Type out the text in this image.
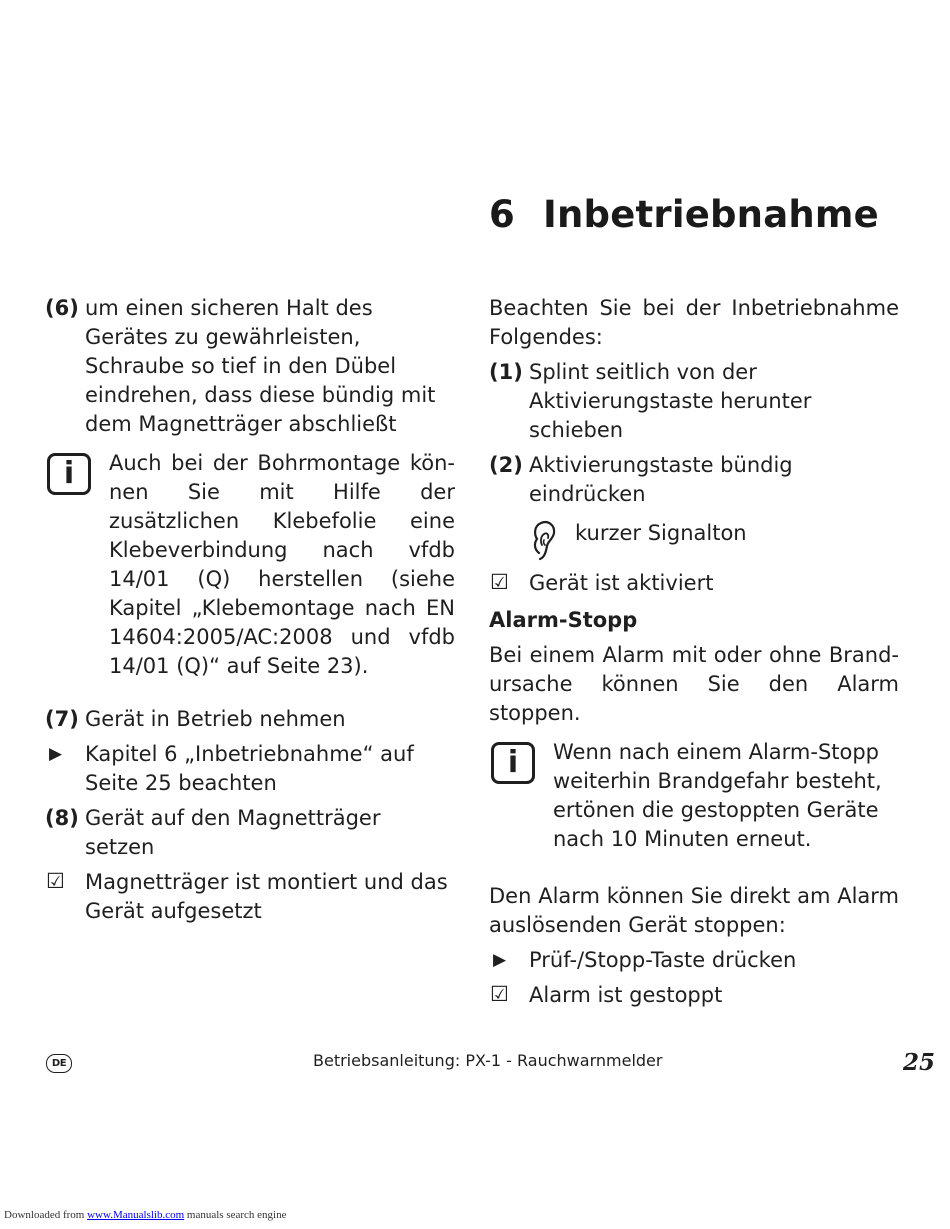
6 Inbetriebnahme
(6) um einen sicheren Halt des Gerätes zu gewährleisten, Schraube so tief in den Dübel eindrehen, dass diese bündig mit dem Magnetträger abschließt
i	Auch bei der Bohrmontage können Sie mit Hilfe der zusätzlichen Klebefolie eine Klebeverbindung nach vfdb 14/01 (Q) herstellen (siehe Kapitel „Klebemontage nach EN 14604:2005/AC:2008 und vfdb 14/01 (Q)“ auf Seite 23).
(7) Gerät in Betrieb nehmen
▶ Kapitel 6 „Inbetriebnahme“ auf Seite 25 beachten
(8) Gerät auf den Magnetträger setzen
☑ Magnetträger ist montiert und das Gerät aufgesetzt
Beachten Sie bei der Inbetriebnahme Folgendes:
(1) Splint seitlich von der Aktivierungstaste herunter schieben
(2) Aktivierungstaste bündig eindrücken
kurzer Signalton
☑ Gerät ist aktiviert
Alarm-Stopp
Bei einem Alarm mit oder ohne Brandursache können Sie den Alarm stoppen.
i	Wenn nach einem Alarm-Stopp weiterhin Brandgefahr besteht, ertönen die gestoppten Geräte nach 10 Minuten erneut.
Den Alarm können Sie direkt am Alarm auslösenden Gerät stoppen:
▶ Prüf-/Stopp-Taste drücken
☑ Alarm ist gestoppt
DE	Betriebsanleitung: PX-1 - Rauchwarnmelder	25
Downloaded from www.Manualslib.com manuals search engine
